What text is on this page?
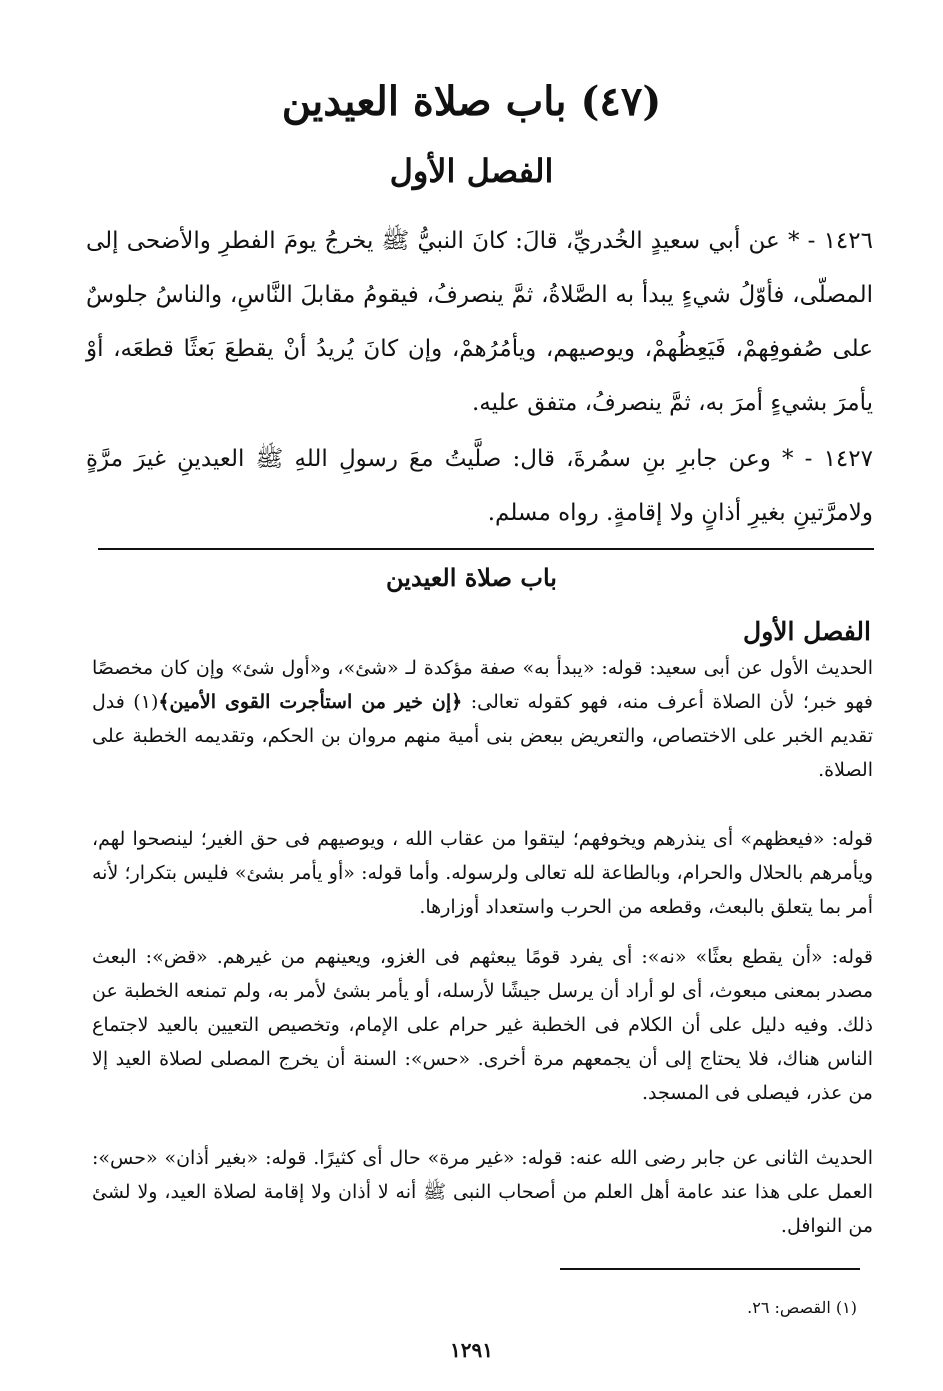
(٤٧) باب صلاة العيدين
الفصل الأول
١٤٢٦ - * عن أبي سعيدٍ الخُدريِّ، قالَ: كانَ النبيُّ ﷺ يخرجُ يومَ الفطرِ والأضحى إلى المصلّى، فأوّلُ شيءٍ يبدأ به الصَّلاةُ، ثمَّ ينصرفُ، فيقومُ مقابلَ النَّاسِ، والناسُ جلوسٌ على صُفوفِهمْ، فَيَعِظُهمْ، ويوصيهم، ويأمُرُهمْ، وإن كانَ يُريدُ أنْ يقطعَ بَعثًا قطعَه، أوْ يأمرَ بشيءٍ أمرَ به، ثمَّ ينصرفُ، متفق عليه.
١٤٢٧ - * وعن جابرِ بنِ سمُرةَ، قال: صلَّيتُ معَ رسولِ اللهِ ﷺ العيدينِ غيرَ مرَّةٍ ولامرَّتينِ بغيرِ أذانٍ ولا إقامةٍ. رواه مسلم.
باب صلاة العيدين
الفصل الأول
الحديث الأول عن أبى سعيد: قوله: «يبدأ به» صفة مؤكدة لـ «شئ»، و«أول شئ» وإن كان مخصصًا فهو خبر؛ لأن الصلاة أعرف منه، فهو كقوله تعالى: ﴿إن خير من استأجرت القوى الأمين﴾(١) فدل تقديم الخبر على الاختصاص، والتعريض ببعض بنى أمية منهم مروان بن الحكم، وتقديمه الخطبة على الصلاة.
قوله: «فيعظهم» أى ينذرهم ويخوفهم؛ ليتقوا من عقاب الله ، ويوصيهم فى حق الغير؛ لينصحوا لهم، ويأمرهم بالحلال والحرام، وبالطاعة لله تعالى ولرسوله. وأما قوله: «أو يأمر بشئ» فليس بتكرار؛ لأنه أمر بما يتعلق بالبعث، وقطعه من الحرب واستعداد أوزارها.
قوله: «أن يقطع بعثًا» «نه»: أى يفرد قومًا يبعثهم فى الغزو، ويعينهم من غيرهم. «قض»: البعث مصدر بمعنى مبعوث، أى لو أراد أن يرسل جيشًا لأرسله، أو يأمر بشئ لأمر به، ولم تمنعه الخطبة عن ذلك. وفيه دليل على أن الكلام فى الخطبة غير حرام على الإمام، وتخصيص التعيين بالعيد لاجتماع الناس هناك، فلا يحتاج إلى أن يجمعهم مرة أخرى. «حس»: السنة أن يخرج المصلى لصلاة العيد إلا من عذر، فيصلى فى المسجد.
الحديث الثانى عن جابر رضى الله عنه: قوله: «غير مرة» حال أى كثيرًا. قوله: «بغير أذان» «حس»: العمل على هذا عند عامة أهل العلم من أصحاب النبى ﷺ أنه لا أذان ولا إقامة لصلاة العيد، ولا لشئ من النوافل.
(١) القصص: ٢٦.
١٢٩١
